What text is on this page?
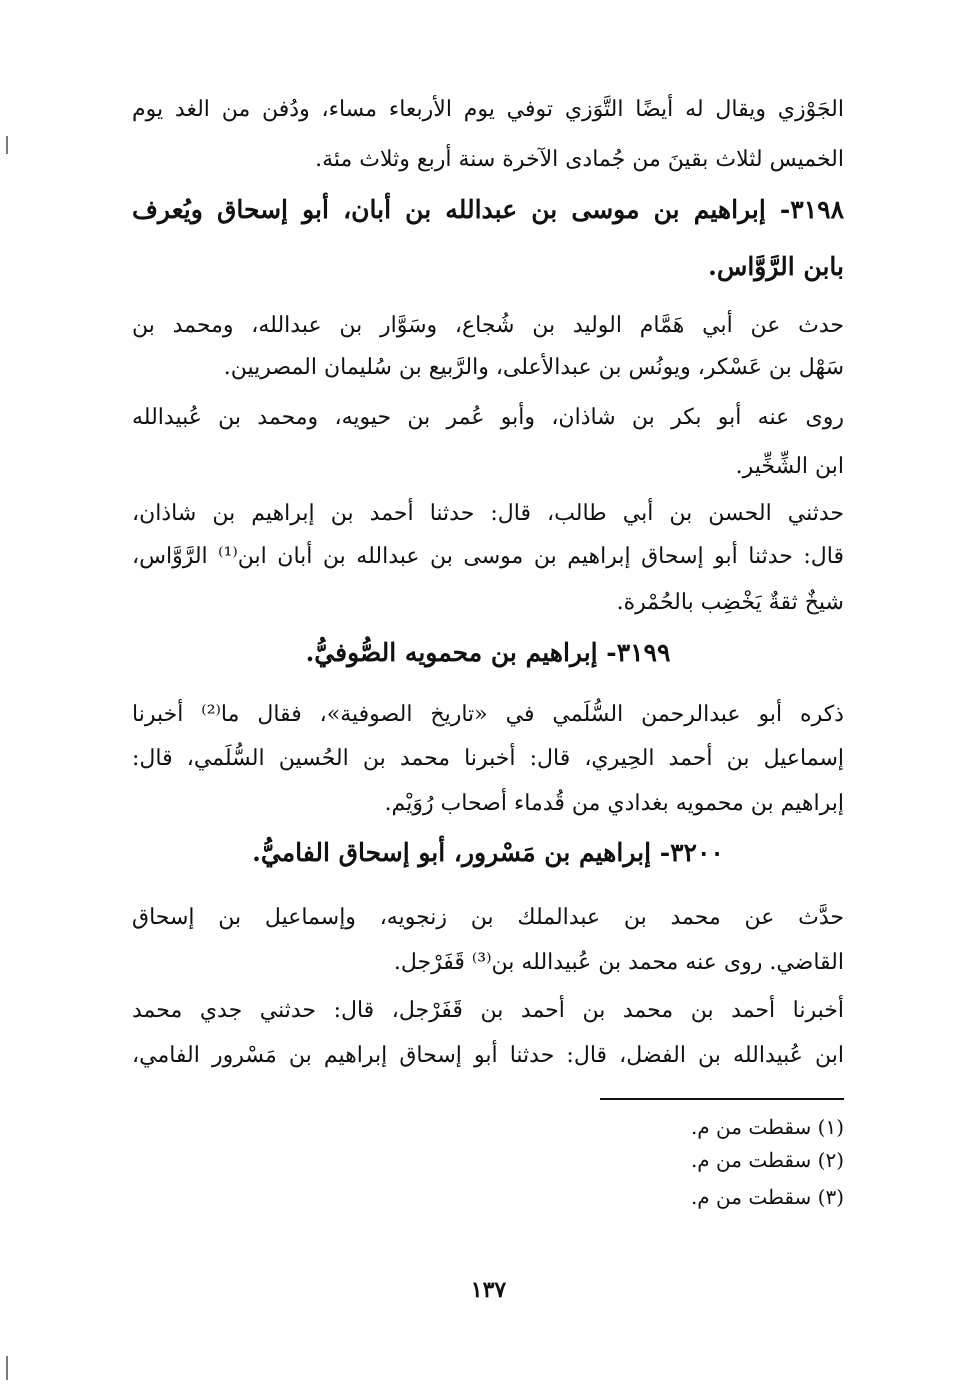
الجَوْزي ويقال له أيضًا التَّوَزي توفي يوم الأربعاء مساء، ودُفن من الغد يوم
الخميس لثلاث بقينَ من جُمادى الآخرة سنة أربع وثلاث مئة.
٣١٩٨- إبراهيم بن موسى بن عبدالله بن أبان، أبو إسحاق ويُعرف
بابن الرَّوَّاس.
حدث عن أبي هَمَّام الوليد بن شُجاع، وسَوَّار بن عبدالله، ومحمد بن
سَهْل بن عَسْكر، ويونُس بن عبدالأعلى، والرَّبيع بن سُليمان المصريين.
روى عنه أبو بكر بن شاذان، وأبو عُمر بن حيويه، ومحمد بن عُبيدالله
ابن الشِّخِّير.
حدثني الحسن بن أبي طالب، قال: حدثنا أحمد بن إبراهيم بن شاذان،
قال: حدثنا أبو إسحاق إبراهيم بن موسى بن عبدالله بن أبان ابن⁽¹⁾ الرَّوَّاس،
شيخٌ ثقةٌ يَخْضِب بالحُمْرة.
٣١٩٩- إبراهيم بن محمويه الصُّوفيُّ.
ذكره أبو عبدالرحمن السُّلَمي في «تاريخ الصوفية»، فقال ما⁽²⁾ أخبرنا
إسماعيل بن أحمد الحِيري، قال: أخبرنا محمد بن الحُسين السُّلَمي، قال:
إبراهيم بن محمويه بغدادي من قُدماء أصحاب رُوَيْم.
٣٢٠٠- إبراهيم بن مَسْرور، أبو إسحاق الفاميُّ.
حدَّث عن محمد بن عبدالملك بن زنجويه، وإسماعيل بن إسحاق
القاضي. روى عنه محمد بن عُبيدالله بن⁽³⁾ قَفَرْجل.
أخبرنا أحمد بن محمد بن أحمد بن قَفَرْجل، قال: حدثني جدي محمد
ابن عُبيدالله بن الفضل، قال: حدثنا أبو إسحاق إبراهيم بن مَسْرور الفامي،
(١) سقطت من م.
(٢) سقطت من م.
(٣) سقطت من م.
١٣٧
